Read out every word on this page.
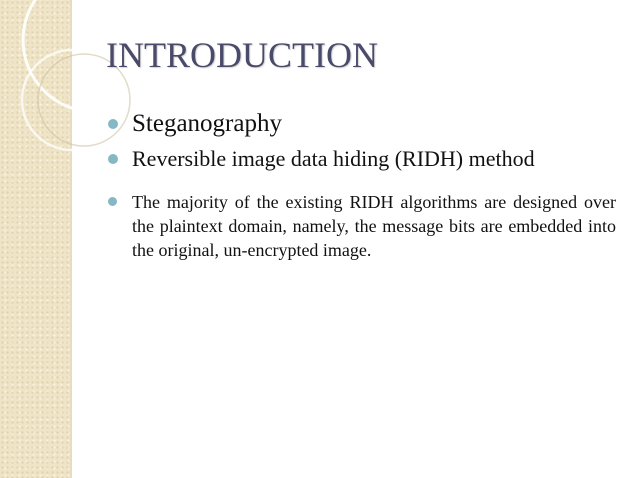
INTRODUCTION
Steganography
Reversible image data hiding (RIDH) method
The majority of the existing RIDH algorithms are designed over the plaintext domain, namely, the message bits are embedded into the original, un-encrypted image.
